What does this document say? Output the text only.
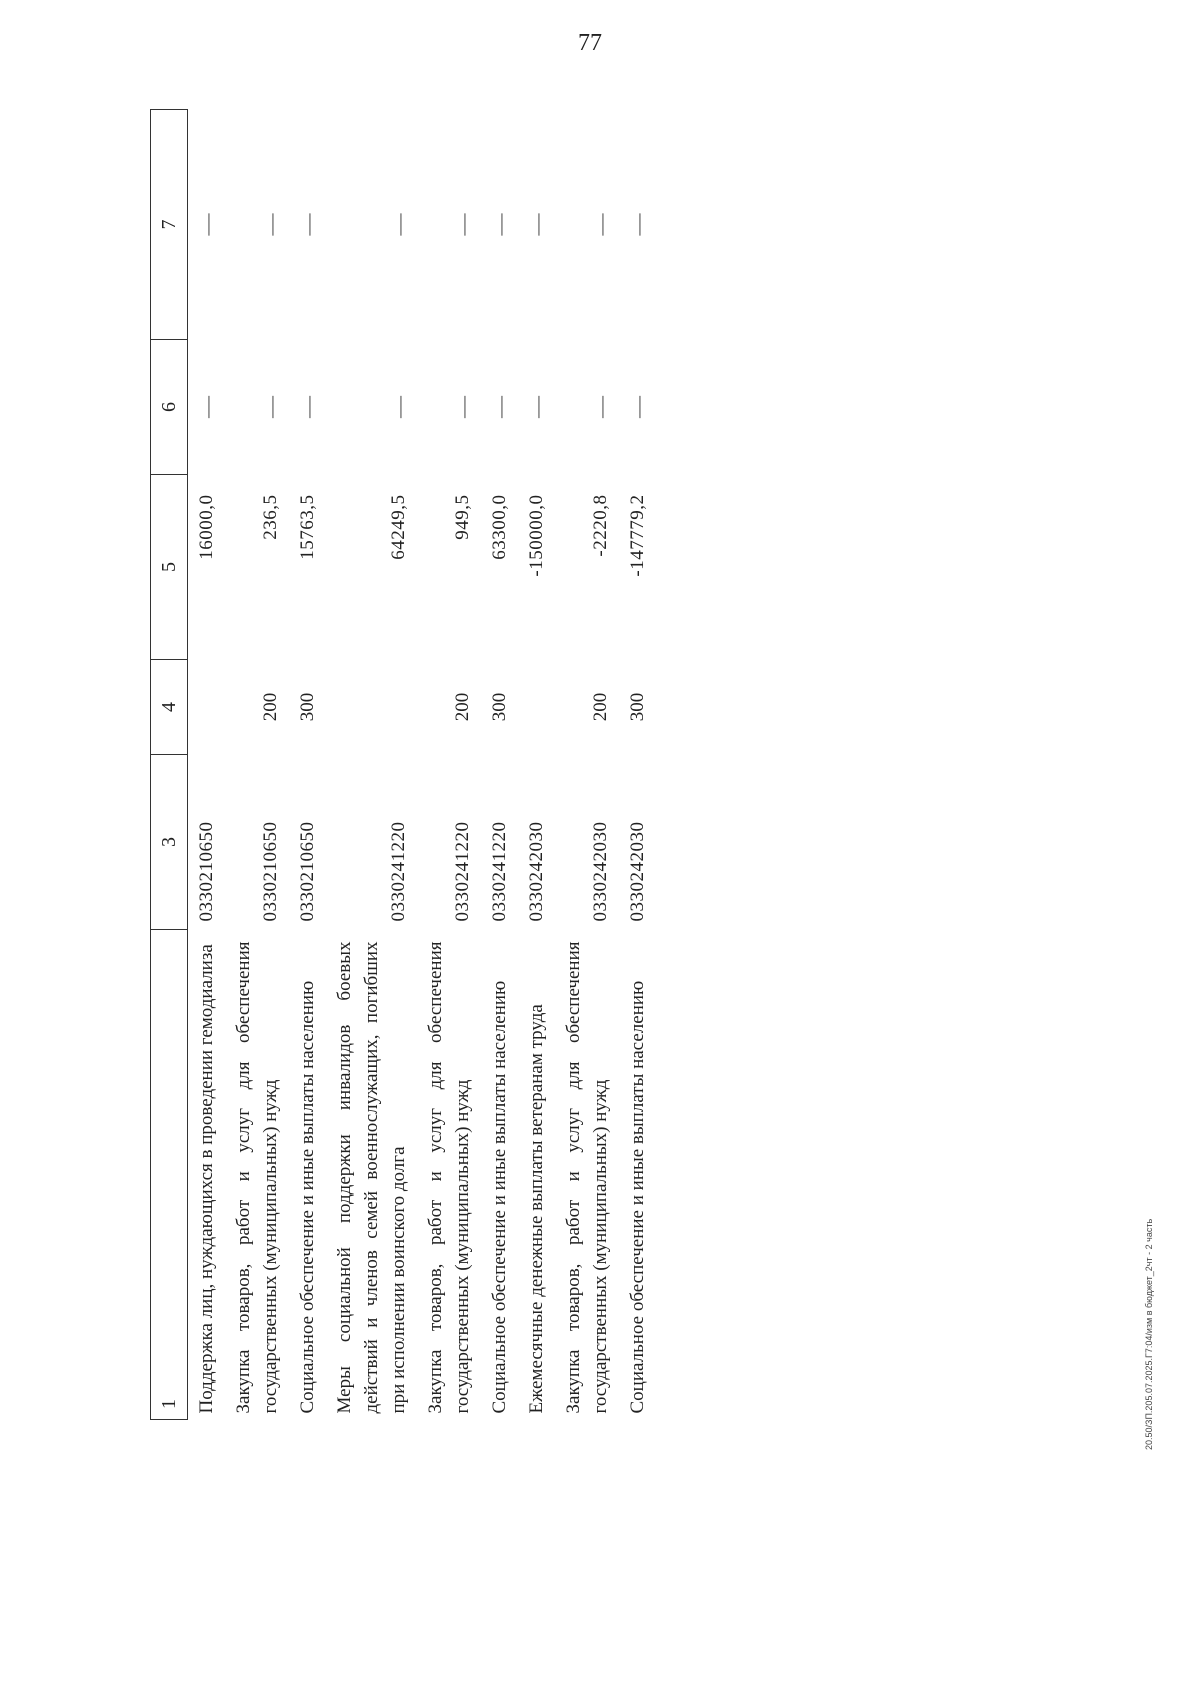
77
1	3	4	5	6	7
Поддержка лиц, нуждающихся в проведении гемодиализа	0330210650		16000,0	—	—
Закупка товаров, работ и услуг для обеспечения государственных (муниципальных) нужд	0330210650	200	236,5	—	—
Социальное обеспечение и иные выплаты населению	0330210650	300	15763,5	—	—
Меры социальной поддержки инвалидов боевых действий и членов семей военнослужащих, погибших при исполнении воинского долга	0330241220		64249,5	—	—
Закупка товаров, работ и услуг для обеспечения государственных (муниципальных) нужд	0330241220	200	949,5	—	—
Социальное обеспечение и иные выплаты населению	0330241220	300	63300,0	—	—
Ежемесячные денежные выплаты ветеранам труда	0330242030		-150000,0	—	—
Закупка товаров, работ и услуг для обеспечения государственных (муниципальных) нужд	0330242030	200	-2220,8	—	—
Социальное обеспечение и иные выплаты населению	0330242030	300	-147779,2	—	—
20.50/ЗП.205.07.2025.Г7:04/изм в бюджет_2чт - 2 часть
